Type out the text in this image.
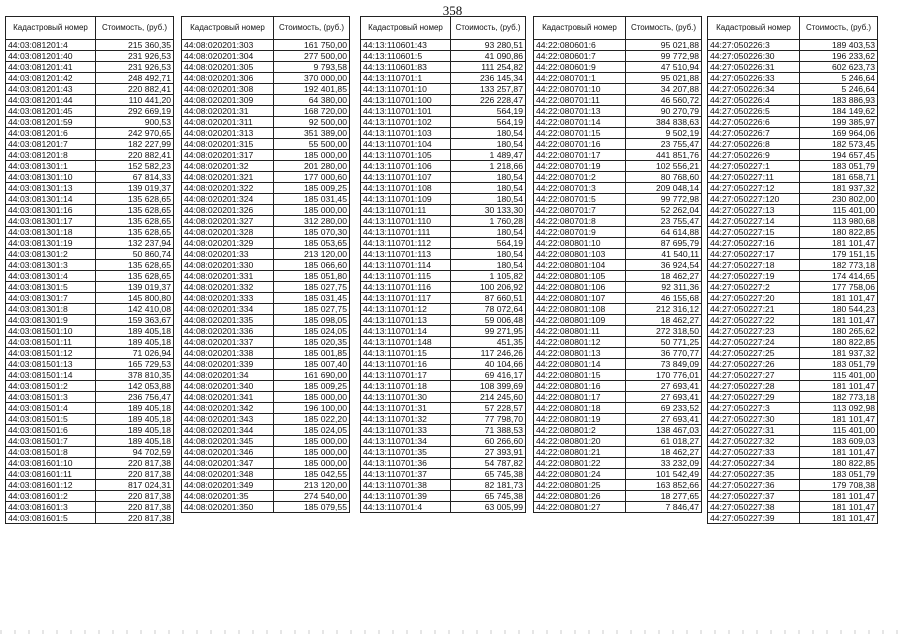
358
Кадастровый номер	Стоимость, (руб.)
44:03:081201:4	215 360,35
44:03:081201:40	231 926,53
44:03:081201:41	231 926,53
44:03:081201:42	248 492,71
44:03:081201:43	220 882,41
44:03:081201:44	110 441,20
44:03:081201:45	292 669,19
44:03:081201:59	900,53
44:03:081201:6	242 970,65
44:03:081201:7	182 227,99
44:03:081201:8	220 882,41
44:03:081301:1	152 582,23
44:03:081301:10	67 814,33
44:03:081301:13	139 019,37
44:03:081301:14	135 628,65
44:03:081301:16	135 628,65
44:03:081301:17	135 628,65
44:03:081301:18	135 628,65
44:03:081301:19	132 237,94
44:03:081301:2	50 860,74
44:03:081301:3	135 628,65
44:03:081301:4	135 628,65
44:03:081301:5	139 019,37
44:03:081301:7	145 800,80
44:03:081301:8	142 410,08
44:03:081301:9	159 363,67
44:03:081501:10	189 405,18
44:03:081501:11	189 405,18
44:03:081501:12	71 026,94
44:03:081501:13	165 729,53
44:03:081501:14	378 810,35
44:03:081501:2	142 053,88
44:03:081501:3	236 756,47
44:03:081501:4	189 405,18
44:03:081501:5	189 405,18
44:03:081501:6	189 405,18
44:03:081501:7	189 405,18
44:03:081501:8	94 702,59
44:03:081601:10	220 817,38
44:03:081601:11	220 817,38
44:03:081601:12	817 024,31
44:03:081601:2	220 817,38
44:03:081601:3	220 817,38
44:03:081601:5	220 817,38
Кадастровый номер	Стоимость, (руб.)
44:08:020201:303	161 750,00
44:08:020201:304	277 500,00
44:08:020201:305	9 793,58
44:08:020201:306	370 000,00
44:08:020201:308	192 401,85
44:08:020201:309	64 380,00
44:08:020201:31	168 720,00
44:08:020201:311	92 500,00
44:08:020201:313	351 389,00
44:08:020201:315	55 500,00
44:08:020201:317	185 000,00
44:08:020201:32	201 280,00
44:08:020201:321	177 000,60
44:08:020201:322	185 009,25
44:08:020201:324	185 031,45
44:08:020201:326	185 000,00
44:08:020201:327	312 280,00
44:08:020201:328	185 070,30
44:08:020201:329	185 053,65
44:08:020201:33	213 120,00
44:08:020201:330	185 066,60
44:08:020201:331	185 051,80
44:08:020201:332	185 027,75
44:08:020201:333	185 031,45
44:08:020201:334	185 027,75
44:08:020201:335	185 098,05
44:08:020201:336	185 024,05
44:08:020201:337	185 020,35
44:08:020201:338	185 001,85
44:08:020201:339	185 007,40
44:08:020201:34	161 690,00
44:08:020201:340	185 009,25
44:08:020201:341	185 000,00
44:08:020201:342	196 100,00
44:08:020201:343	185 022,20
44:08:020201:344	185 024,05
44:08:020201:345	185 000,00
44:08:020201:346	185 000,00
44:08:020201:347	185 000,00
44:08:020201:348	185 042,55
44:08:020201:349	213 120,00
44:08:020201:35	274 540,00
44:08:020201:350	185 079,55
Кадастровый номер	Стоимость, (руб.)
44:13:110601:43	93 280,51
44:13:110601:5	41 090,86
44:13:110601:83	111 254,82
44:13:110701:1	236 145,34
44:13:110701:10	133 257,87
44:13:110701:100	226 228,47
44:13:110701:101	564,19
44:13:110701:102	564,19
44:13:110701:103	180,54
44:13:110701:104	180,54
44:13:110701:105	1 489,47
44:13:110701:106	1 218,66
44:13:110701:107	180,54
44:13:110701:108	180,54
44:13:110701:109	180,54
44:13:110701:11	30 133,30
44:13:110701:110	1 760,28
44:13:110701:111	180,54
44:13:110701:112	564,19
44:13:110701:113	180,54
44:13:110701:114	180,54
44:13:110701:115	1 105,82
44:13:110701:116	100 206,92
44:13:110701:117	87 660,51
44:13:110701:12	78 072,64
44:13:110701:13	59 006,48
44:13:110701:14	99 271,95
44:13:110701:148	451,35
44:13:110701:15	117 246,26
44:13:110701:16	40 104,66
44:13:110701:17	69 416,17
44:13:110701:18	108 399,69
44:13:110701:30	214 245,60
44:13:110701:31	57 228,57
44:13:110701:32	77 798,70
44:13:110701:33	71 388,53
44:13:110701:34	60 266,60
44:13:110701:35	27 393,91
44:13:110701:36	54 787,82
44:13:110701:37	65 745,38
44:13:110701:38	82 181,73
44:13:110701:39	65 745,38
44:13:110701:4	63 005,99
Кадастровый номер	Стоимость, (руб.)
44:22:080601:6	95 021,88
44:22:080601:7	99 772,98
44:22:080601:9	47 510,94
44:22:080701:1	95 021,88
44:22:080701:10	34 207,88
44:22:080701:11	46 560,72
44:22:080701:13	90 270,79
44:22:080701:14	384 838,63
44:22:080701:15	9 502,19
44:22:080701:16	23 755,47
44:22:080701:17	441 851,76
44:22:080701:19	102 556,21
44:22:080701:2	80 768,60
44:22:080701:3	209 048,14
44:22:080701:5	99 772,98
44:22:080701:7	52 262,04
44:22:080701:8	23 755,47
44:22:080701:9	64 614,88
44:22:080801:10	87 695,79
44:22:080801:103	41 540,11
44:22:080801:104	36 924,54
44:22:080801:105	18 462,27
44:22:080801:106	92 311,36
44:22:080801:107	46 155,68
44:22:080801:108	212 316,12
44:22:080801:109	18 462,27
44:22:080801:11	272 318,50
44:22:080801:12	50 771,25
44:22:080801:13	36 770,77
44:22:080801:14	73 849,09
44:22:080801:15	170 776,01
44:22:080801:16	27 693,41
44:22:080801:17	27 693,41
44:22:080801:18	69 233,52
44:22:080801:19	27 693,41
44:22:080801:2	138 467,03
44:22:080801:20	61 018,27
44:22:080801:21	18 462,27
44:22:080801:22	33 232,09
44:22:080801:24	101 542,49
44:22:080801:25	163 852,66
44:22:080801:26	18 277,65
44:22:080801:27	7 846,47
Кадастровый номер	Стоимость, (руб.)
44:27:050226:3	189 403,53
44:27:050226:30	196 233,62
44:27:050226:31	602 623,73
44:27:050226:33	5 246,64
44:27:050226:34	5 246,64
44:27:050226:4	183 886,93
44:27:050226:5	184 149,62
44:27:050226:6	199 385,97
44:27:050226:7	169 964,06
44:27:050226:8	182 573,45
44:27:050226:9	194 657,45
44:27:050227:1	183 051,79
44:27:050227:11	181 658,71
44:27:050227:12	181 937,32
44:27:050227:120	230 802,00
44:27:050227:13	115 401,00
44:27:050227:14	113 980,68
44:27:050227:15	180 822,85
44:27:050227:16	181 101,47
44:27:050227:17	179 151,15
44:27:050227:18	182 773,18
44:27:050227:19	174 414,65
44:27:050227:2	177 758,06
44:27:050227:20	181 101,47
44:27:050227:21	180 544,23
44:27:050227:22	181 101,47
44:27:050227:23	180 265,62
44:27:050227:24	180 822,85
44:27:050227:25	181 937,32
44:27:050227:26	183 051,79
44:27:050227:27	115 401,00
44:27:050227:28	181 101,47
44:27:050227:29	182 773,18
44:27:050227:3	113 092,98
44:27:050227:30	181 101,47
44:27:050227:31	115 401,00
44:27:050227:32	183 609,03
44:27:050227:33	181 101,47
44:27:050227:34	180 822,85
44:27:050227:35	183 051,79
44:27:050227:36	179 708,38
44:27:050227:37	181 101,47
44:27:050227:38	181 101,47
44:27:050227:39	181 101,47
